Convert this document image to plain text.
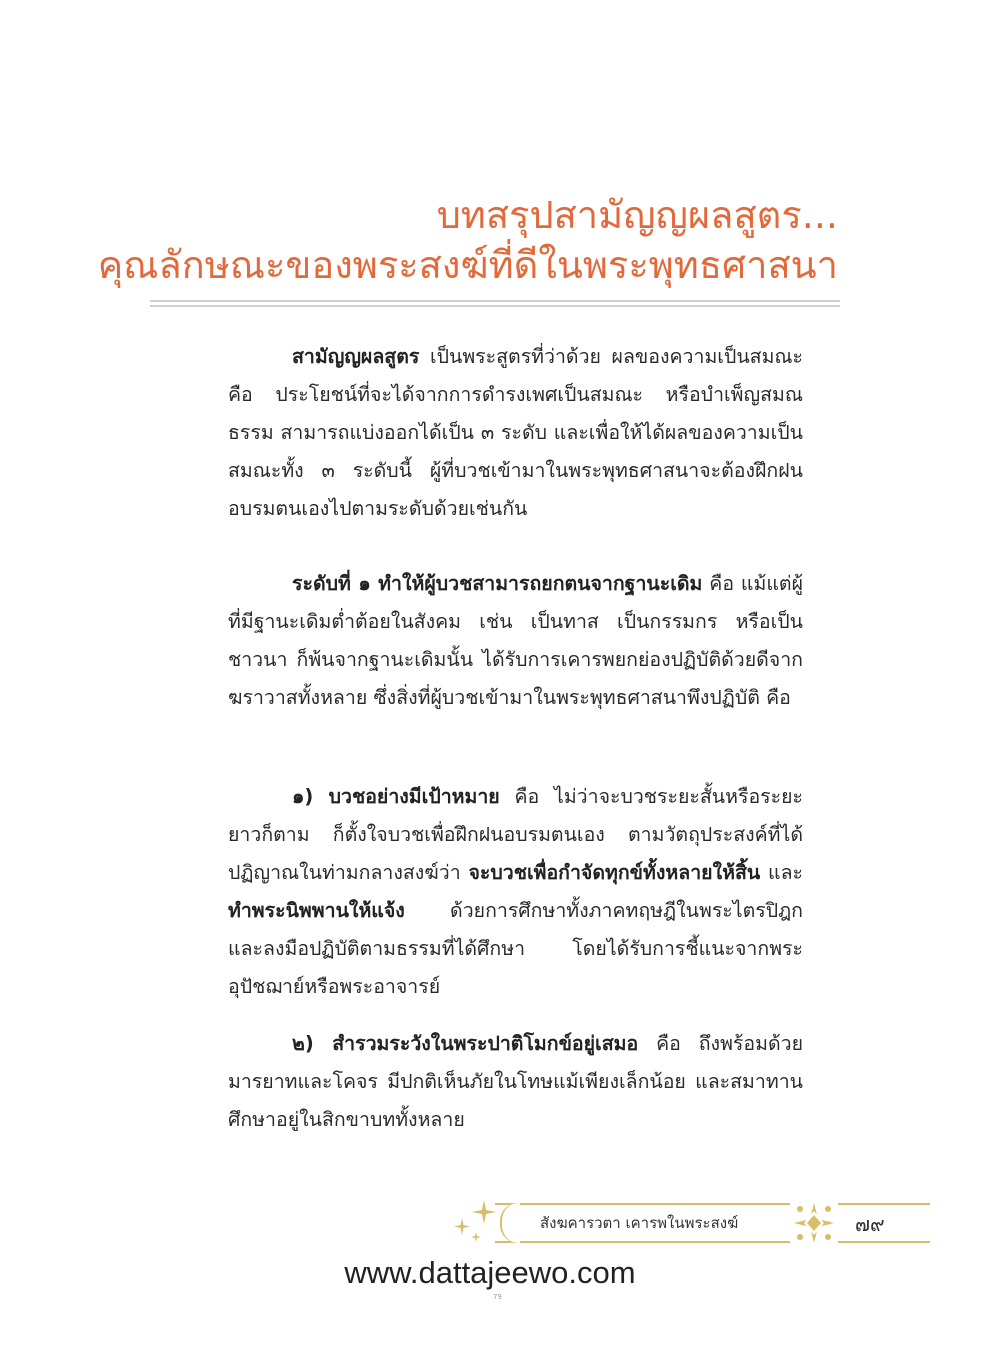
บทสรุปสามัญญผลสูตร...
คุณลักษณะของพระสงฆ์ที่ดีในพระพุทธศาสนา

สามัญญผลสูตร เป็นพระสูตรที่ว่าด้วย ผลของความเป็นสมณะ คือ ประโยชน์ที่จะได้จากการดำรงเพศเป็นสมณะ หรือบำเพ็ญสมณธรรม สามารถแบ่งออกได้เป็น ๓ ระดับ และเพื่อให้ได้ผลของความเป็นสมณะทั้ง ๓ ระดับนี้ ผู้ที่บวชเข้ามาในพระพุทธศาสนาจะต้องฝึกฝนอบรมตนเองไปตามระดับด้วยเช่นกัน

ระดับที่ ๑ ทำให้ผู้บวชสามารถยกตนจากฐานะเดิม คือ แม้แต่ผู้ที่มีฐานะเดิมต่ำต้อยในสังคม เช่น เป็นทาส เป็นกรรมกร หรือเป็นชาวนา ก็พ้นจากฐานะเดิมนั้น ได้รับการเคารพยกย่องปฏิบัติด้วยดีจากฆราวาสทั้งหลาย ซึ่งสิ่งที่ผู้บวชเข้ามาในพระพุทธศาสนาพึงปฏิบัติ คือ

๑) บวชอย่างมีเป้าหมาย คือ ไม่ว่าจะบวชระยะสั้นหรือระยะยาวก็ตาม ก็ตั้งใจบวชเพื่อฝึกฝนอบรมตนเอง ตามวัตถุประสงค์ที่ได้ปฏิญาณในท่ามกลางสงฆ์ว่า จะบวชเพื่อกำจัดทุกข์ทั้งหลายให้สิ้น และ ทำพระนิพพานให้แจ้ง ด้วยการศึกษาทั้งภาคทฤษฎีในพระไตรปิฎก และลงมือปฏิบัติตามธรรมที่ได้ศึกษา โดยได้รับการชี้แนะจากพระอุปัชฌาย์หรือพระอาจารย์

๒) สำรวมระวังในพระปาติโมกข์อยู่เสมอ คือ ถึงพร้อมด้วยมารยาทและโคจร มีปกติเห็นภัยในโทษแม้เพียงเล็กน้อย และสมาทานศึกษาอยู่ในสิกขาบททั้งหลาย

สังฆคารวตา เคารพในพระสงฆ์	๗๙
www.dattajeewo.com
79
